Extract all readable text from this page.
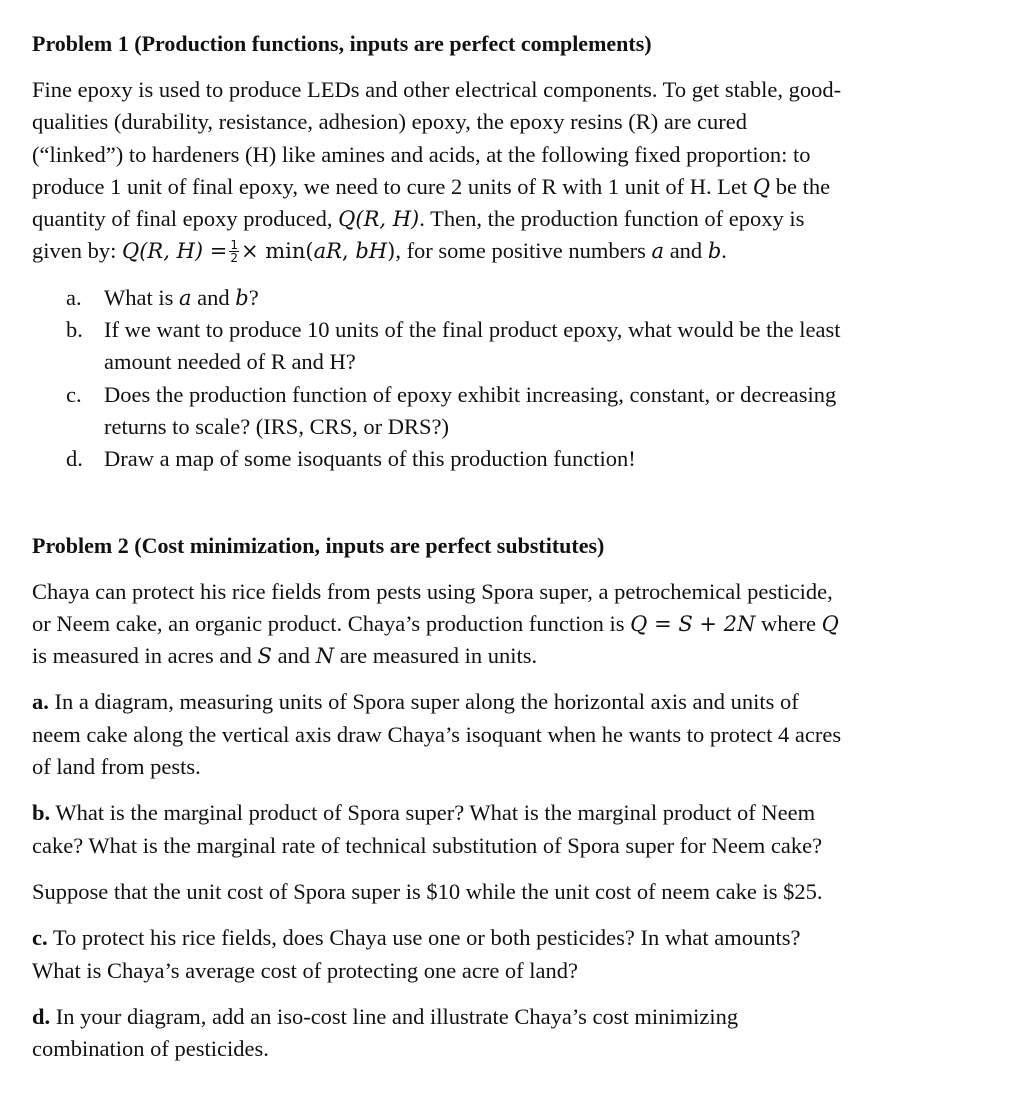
Problem 1 (Production functions, inputs are perfect complements)
Fine epoxy is used to produce LEDs and other electrical components. To get stable, good-
qualities (durability, resistance, adhesion) epoxy, the epoxy resins (R) are cured
(“linked”) to hardeners (H) like amines and acids, at the following fixed proportion: to
produce 1 unit of final epoxy, we need to cure 2 units of R with 1 unit of H. Let Q be the
quantity of final epoxy produced, Q(R, H). Then, the production function of epoxy is
given by: Q(R, $H) = \frac{1}{2} \times \min(aR$, bH), for some positive numbers a and b.
a. What is a and b?
b. If we want to produce 10 units of the final product epoxy, what would be the least
amount needed of R and H?
c. Does the production function of epoxy exhibit increasing, constant, or decreasing
returns to scale? (IRS, CRS, or DRS?)
d. Draw a map of some isoquants of this production function!
Problem 2 (Cost minimization, inputs are perfect substitutes)
Chaya can protect his rice fields from pests using Spora super, a petrochemical pesticide,
or Neem cake, an organic product. Chaya’s production function is Q = S + 2N where Q
is measured in acres and S and N are measured in units.
a. In a diagram, measuring units of Spora super along the horizontal axis and units of
neem cake along the vertical axis draw Chaya’s isoquant when he wants to protect 4 acres
of land from pests.
b. What is the marginal product of Spora super? What is the marginal product of Neem
cake? What is the marginal rate of technical substitution of Spora super for Neem cake?
Suppose that the unit cost of Spora super is $10 while the unit cost of neem cake is $25.
c. To protect his rice fields, does Chaya use one or both pesticides? In what amounts?
What is Chaya’s average cost of protecting one acre of land?
d. In your diagram, add an iso-cost line and illustrate Chaya’s cost minimizing
combination of pesticides.
